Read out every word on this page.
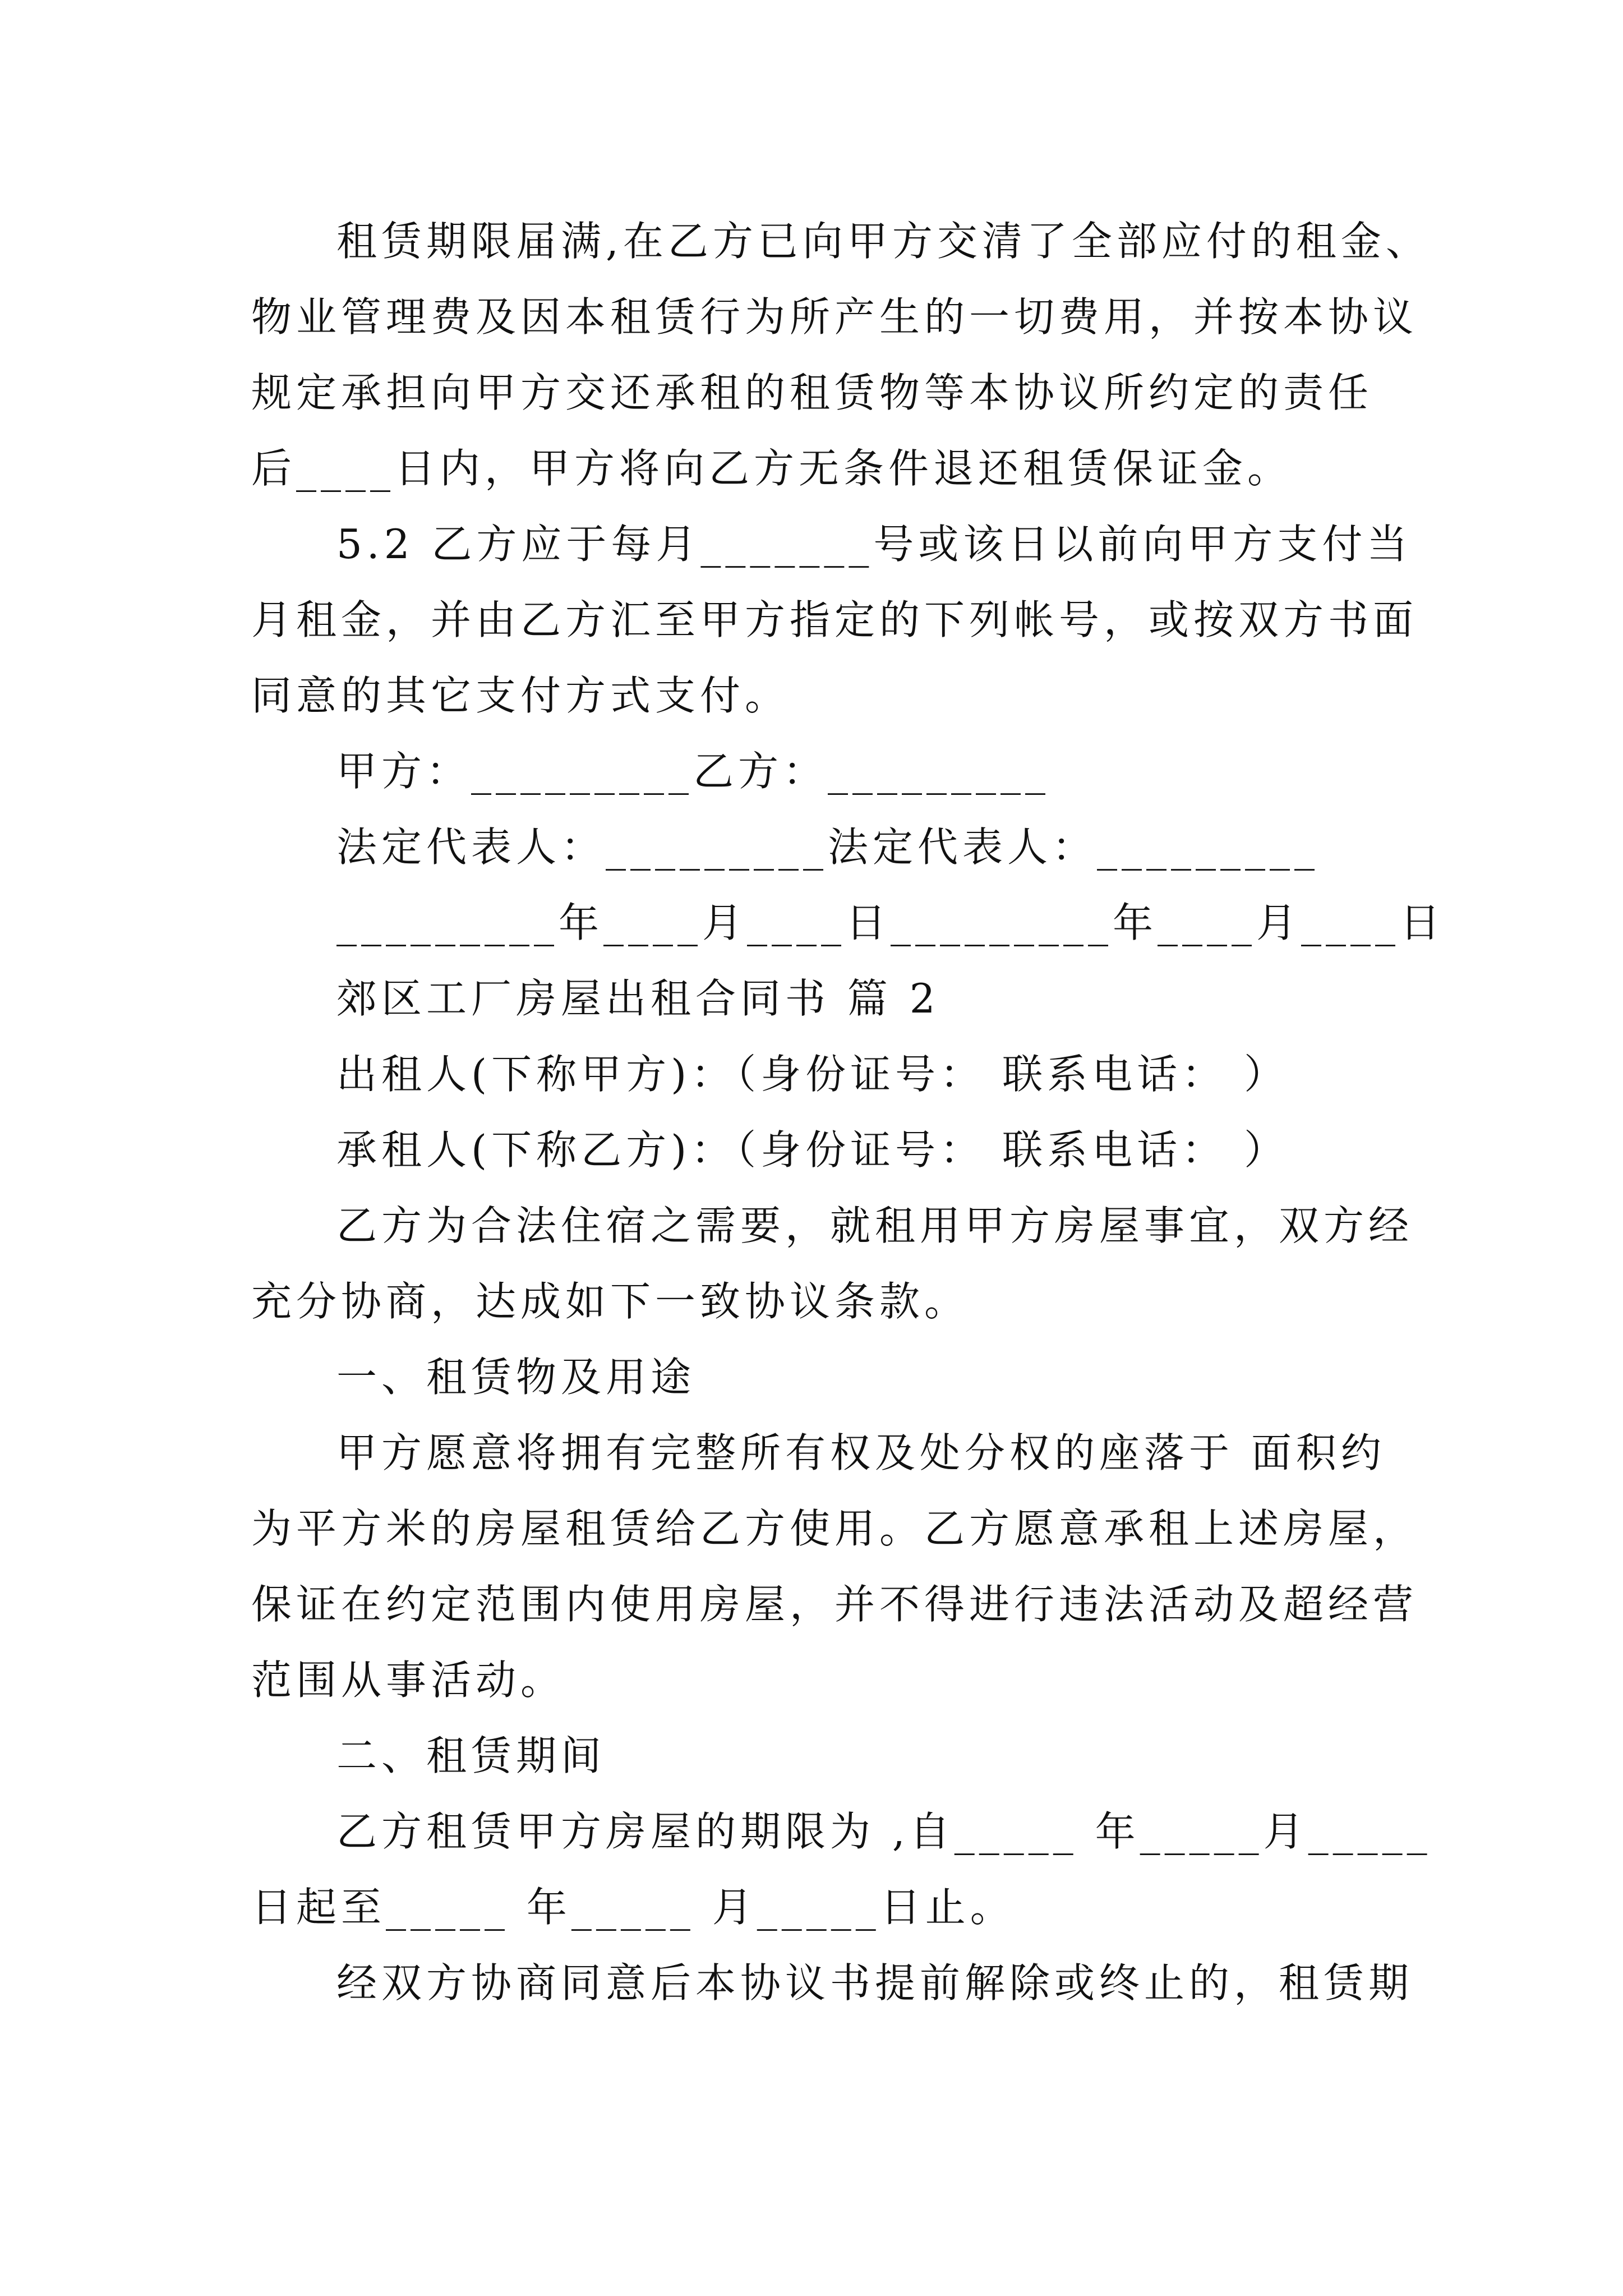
租赁期限届满,在乙方已向甲方交清了全部应付的租金、
物业管理费及因本租赁行为所产生的一切费用，并按本协议
规定承担向甲方交还承租的租赁物等本协议所约定的责任
后____日内，甲方将向乙方无条件退还租赁保证金。
5.2 乙方应于每月_______号或该日以前向甲方支付当
月租金，并由乙方汇至甲方指定的下列帐号，或按双方书面
同意的其它支付方式支付。
甲方：_________乙方：_________
法定代表人：_________法定代表人：_________
_________年____月____日_________年____月____日
郊区工厂房屋出租合同书 篇 2
出租人(下称甲方)：（身份证号： 联系电话： ）
承租人(下称乙方)：（身份证号： 联系电话： ）
乙方为合法住宿之需要，就租用甲方房屋事宜，双方经
充分协商，达成如下一致协议条款。
一、租赁物及用途
甲方愿意将拥有完整所有权及处分权的座落于 面积约
为平方米的房屋租赁给乙方使用。乙方愿意承租上述房屋，
保证在约定范围内使用房屋，并不得进行违法活动及超经营
范围从事活动。
二、租赁期间
乙方租赁甲方房屋的期限为 ,自_____ 年_____月_____
日起至_____ 年_____ 月_____日止。
经双方协商同意后本协议书提前解除或终止的，租赁期
